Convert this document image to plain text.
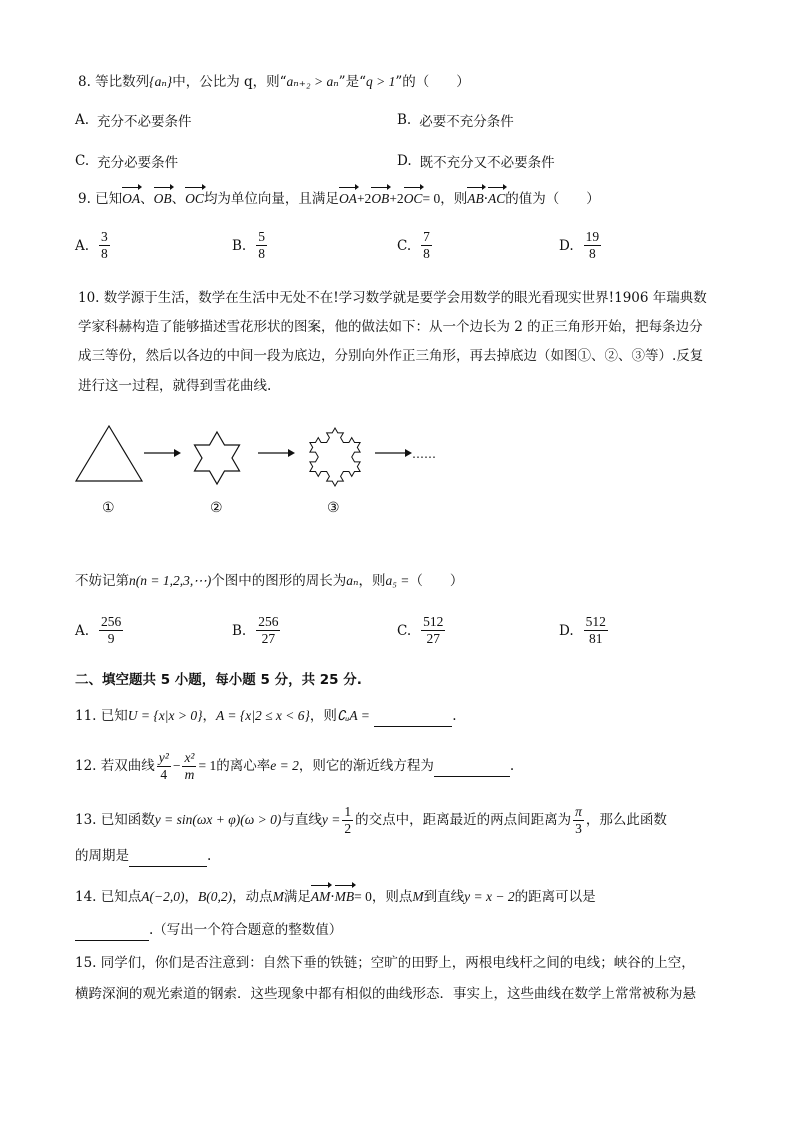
8. 等比数列{aₙ}中，公比为 q，则“aₙ₊₂ > aₙ”是“q > 1”的（　　）
A. 充分不必要条件	B. 必要不充分条件
C. 充分必要条件	D. 既不充分又不必要条件
9. 已知OA、OB、OC均为单位向量，且满足OA+2OB+2OC= 0，则AB·AC的值为（　　）
A. $\frac{3}{8}$	B. $\frac{5}{8}$	C. $\frac{7}{8}$	D. $\frac{19}{8}$
10. 数学源于生活，数学在生活中无处不在!学习数学就是要学会用数学的眼光看现实世界!1906 年瑞典数
学家科赫构造了能够描述雪花形状的图案，他的做法如下：从一个边长为 2 的正三角形开始，把每条边分
成三等份，然后以各边的中间一段为底边，分别向外作正三角形，再去掉底边（如图①、②、③等）.反复
进行这一过程，就得到雪花曲线.
……
①	②	③
不妨记第n(n = 1,2,3,⋯)个图中的图形的周长为aₙ，则a₅ =（　　）
A. $\frac{256}{9}$	B. $\frac{256}{27}$	C. $\frac{512}{27}$	D. $\frac{512}{81}$
二、填空题共 5 小题，每小题 5 分，共 25 分.
11. 已知U = {x|x > 0}，A = {x|2 ≤ x < 6}，则∁ᵤA =	.
12. 若双曲线 $\frac{\text{y²}}{4} - \frac{\text{x²}}{m} = 1$ 的离心率 e = 2 ，则它的渐近线方程为	.
13. 已知函数 y = sin(ωx + φ)(ω > 0) 与直线 $y = \frac{1}{2}$ 的交点中，距离最近的两点间距离为 $\frac{\pi}{3}$ ，那么此函数
的周期是	.
14. 已知点A(−2,0)，B(0,2)，动点M满足AM·MB= 0，则点M到直线y = x − 2的距离可以是
.（写出一个符合题意的整数值）
15. 同学们，你们是否注意到：自然下垂的铁链；空旷的田野上，两根电线杆之间的电线；峡谷的上空，
横跨深涧的观光索道的钢索．这些现象中都有相似的曲线形态．事实上，这些曲线在数学上常常被称为悬
